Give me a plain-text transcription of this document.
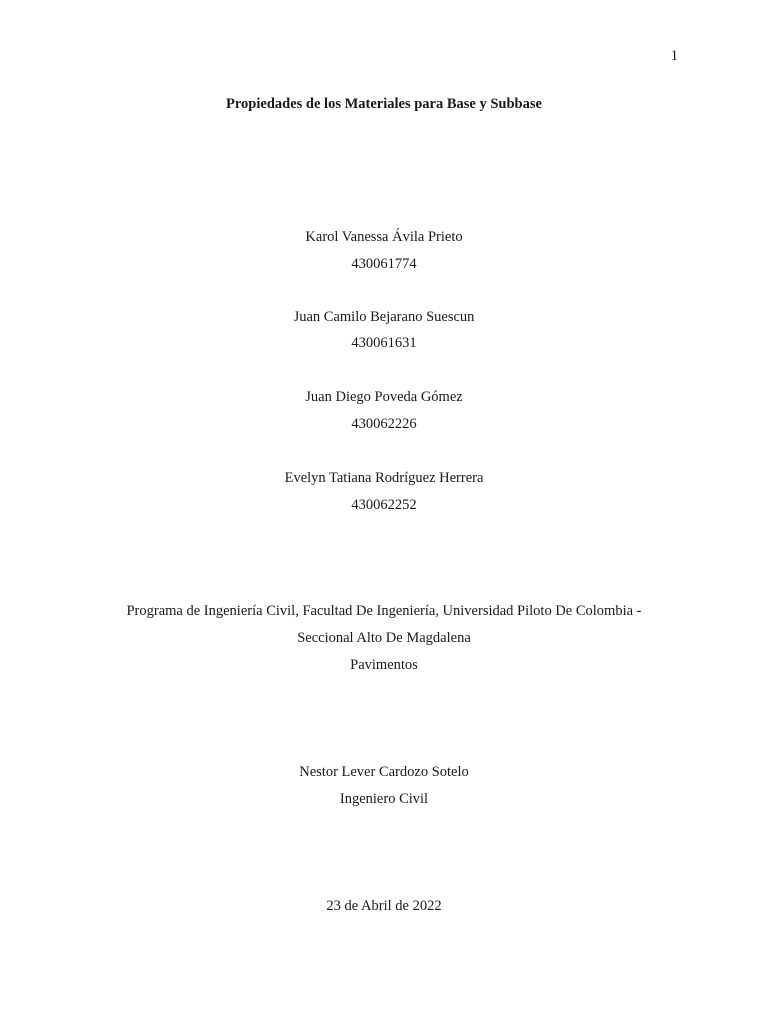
1
Propiedades de los Materiales para Base y Subbase
Karol Vanessa Ávila Prieto
430061774
Juan Camilo Bejarano Suescun
430061631
Juan Diego Poveda Gómez
430062226
Evelyn Tatiana Rodríguez Herrera
430062252
Programa de Ingeniería Civil, Facultad De Ingeniería, Universidad Piloto De Colombia -
Seccional Alto De Magdalena
Pavimentos
Nestor Lever Cardozo Sotelo
Ingeniero Civil
23 de Abril de 2022
